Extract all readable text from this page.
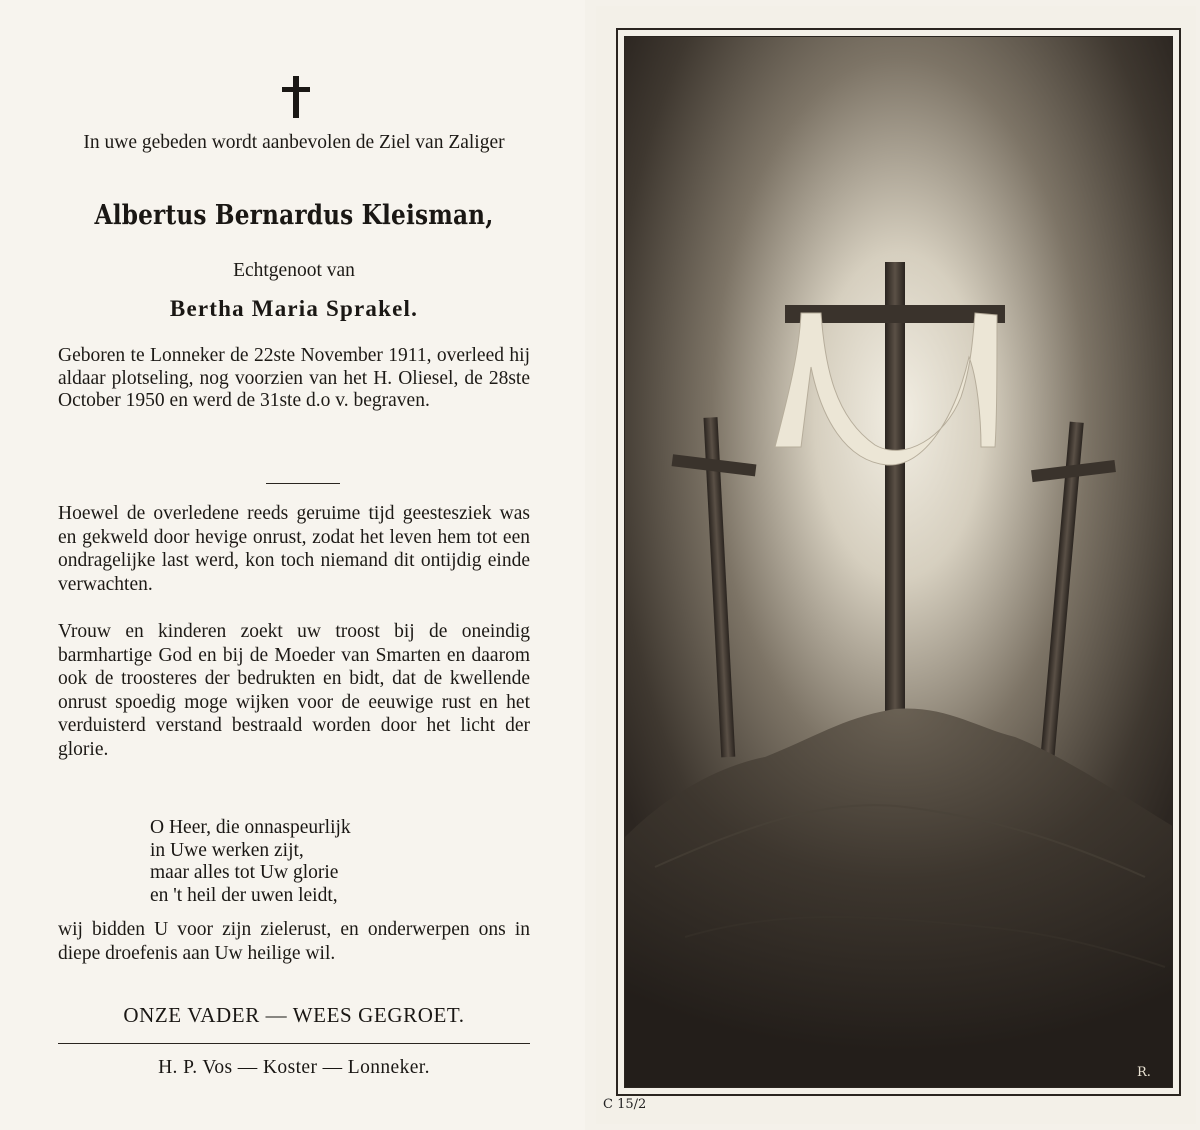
In uwe gebeden wordt aanbevolen de Ziel van Zaliger
Albertus Bernardus Kleisman,
Echtgenoot van
Bertha Maria Sprakel.
Geboren te Lonneker de 22ste November 1911, overleed hij aldaar plotseling, nog voorzien van het H. Oliesel, de 28ste October 1950 en werd de 31ste d.o v. begraven.
Hoewel de overledene reeds geruime tijd geestesziek was en gekweld door hevige onrust, zodat het leven hem tot een ondragelijke last werd, kon toch niemand dit ontijdig einde verwachten.
Vrouw en kinderen zoekt uw troost bij de oneindig barmhartige God en bij de Moeder van Smarten en daarom ook de troosteres der bedrukten en bidt, dat de kwellende onrust spoedig moge wijken voor de eeuwige rust en het verduisterd verstand bestraald worden door het licht der glorie.
O Heer, die onnaspeurlijk
in Uwe werken zijt,
maar alles tot Uw glorie
en 't heil der uwen leidt,
wij bidden U voor zijn zielerust, en onderwerpen ons in diepe droefenis aan Uw heilige wil.
ONZE VADER — WEES GEGROET.
H. P. Vos — Koster — Lonneker.	R.
C 15/2
